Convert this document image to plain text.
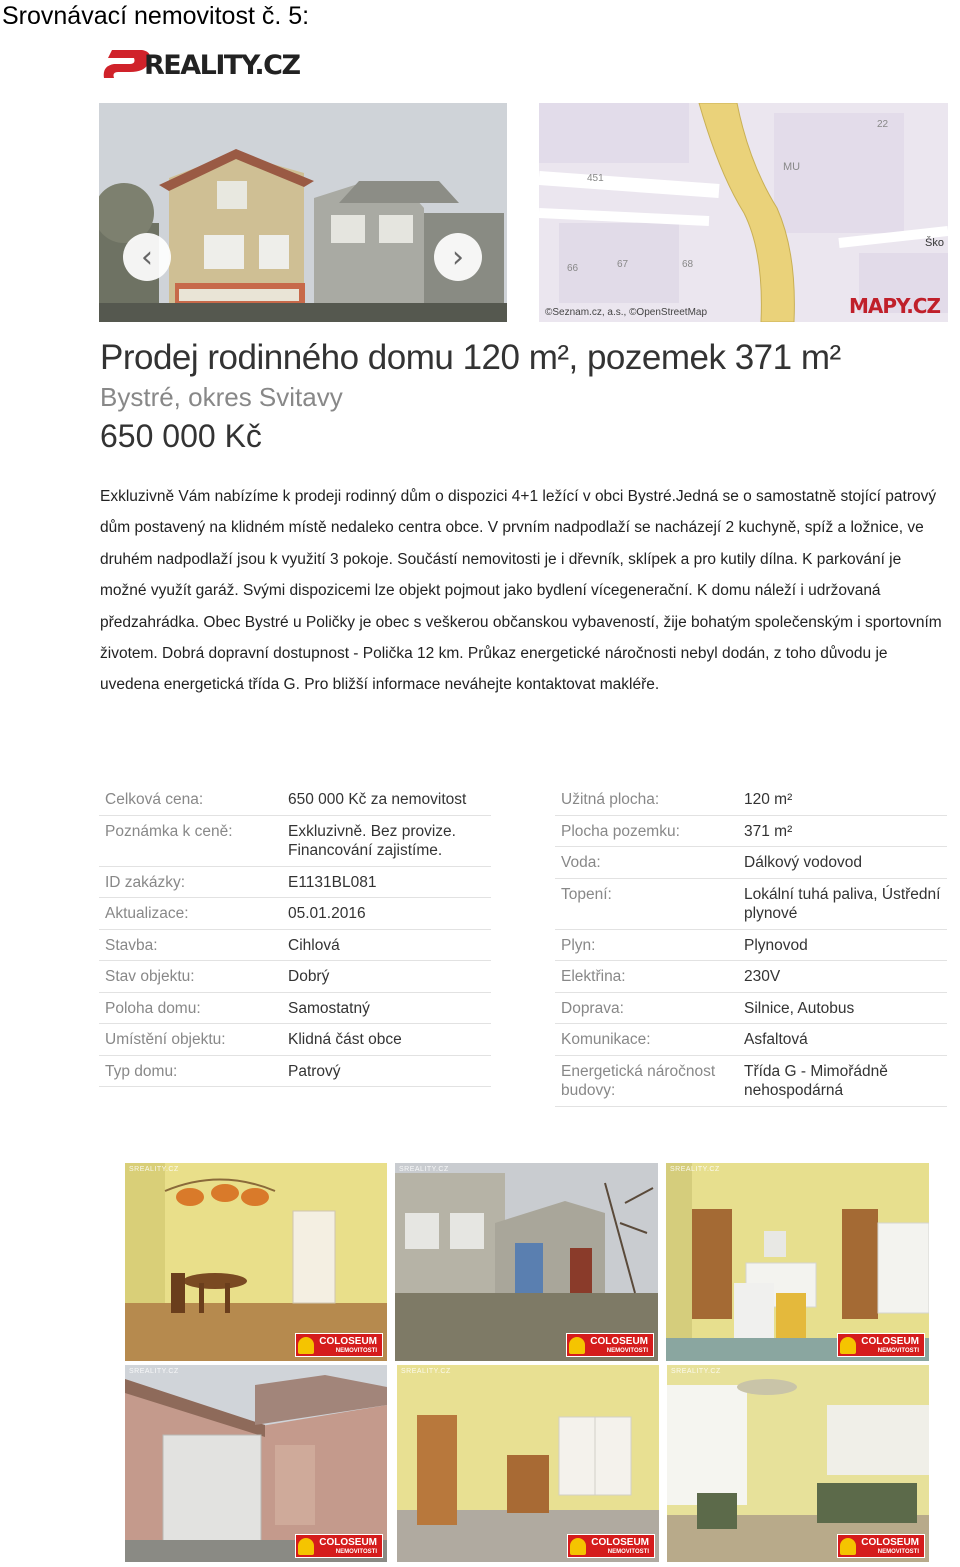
Srovnávací nemovitost č. 5:
REALITY.CZ
‹	›
451
MU
22
Ško
66	67	68
©Seznam.cz, a.s., ©OpenStreetMap	MAPY.CZ
Prodej rodinného domu 120 m², pozemek 371 m²
Bystré, okres Svitavy
650 000 Kč
Exkluzivně Vám nabízíme k prodeji rodinný dům o dispozici 4+1 ležící v obci Bystré.Jedná se o samostatně stojící patrový dům postavený na klidném místě nedaleko centra obce. V prvním nadpodlaží se nacházejí 2 kuchyně, spíž a ložnice, ve druhém nadpodlaží jsou k využití 3 pokoje. Součástí nemovitosti je i dřevník, sklípek a pro kutily dílna. K parkování je možné využít garáž. Svými dispozicemi lze objekt pojmout jako bydlení vícegenerační. K domu náleží i udržovaná předzahrádka. Obec Bystré u Poličky je obec s veškerou občanskou vybaveností, žije bohatým společenským i sportovním životem. Dobrá dopravní dostupnost - Polička 12 km. Průkaz energetické náročnosti nebyl dodán, z toho důvodu je uvedena energetická třída G. Pro bližší informace neváhejte kontaktovat makléře.
Celková cena:	650 000 Kč za nemovitost
Poznámka k ceně:	Exkluzivně. Bez provize. Financování zajistíme.
ID zakázky:	E1131BL081
Aktualizace:	05.01.2016
Stavba:	Cihlová
Stav objektu:	Dobrý
Poloha domu:	Samostatný
Umístění objektu:	Klidná část obce
Typ domu:	Patrový
Užitná plocha:	120 m²
Plocha pozemku:	371 m²
Voda:	Dálkový vodovod
Topení:	Lokální tuhá paliva, Ústřední plynové
Plyn:	Plynovod
Elektřina:	230V
Doprava:	Silnice, Autobus
Komunikace:	Asfaltová
Energetická náročnost budovy:
Třída G - Mimořádně nehospodárná
SREALITY.CZ
COLOSEUM
NEMOVITOSTI
SREALITY.CZ
COLOSEUM
NEMOVITOSTI
SREALITY.CZ
COLOSEUM
NEMOVITOSTI
SREALITY.CZ
COLOSEUM
NEMOVITOSTI
SREALITY.CZ
COLOSEUM
NEMOVITOSTI
SREALITY.CZ
COLOSEUM
NEMOVITOSTI
